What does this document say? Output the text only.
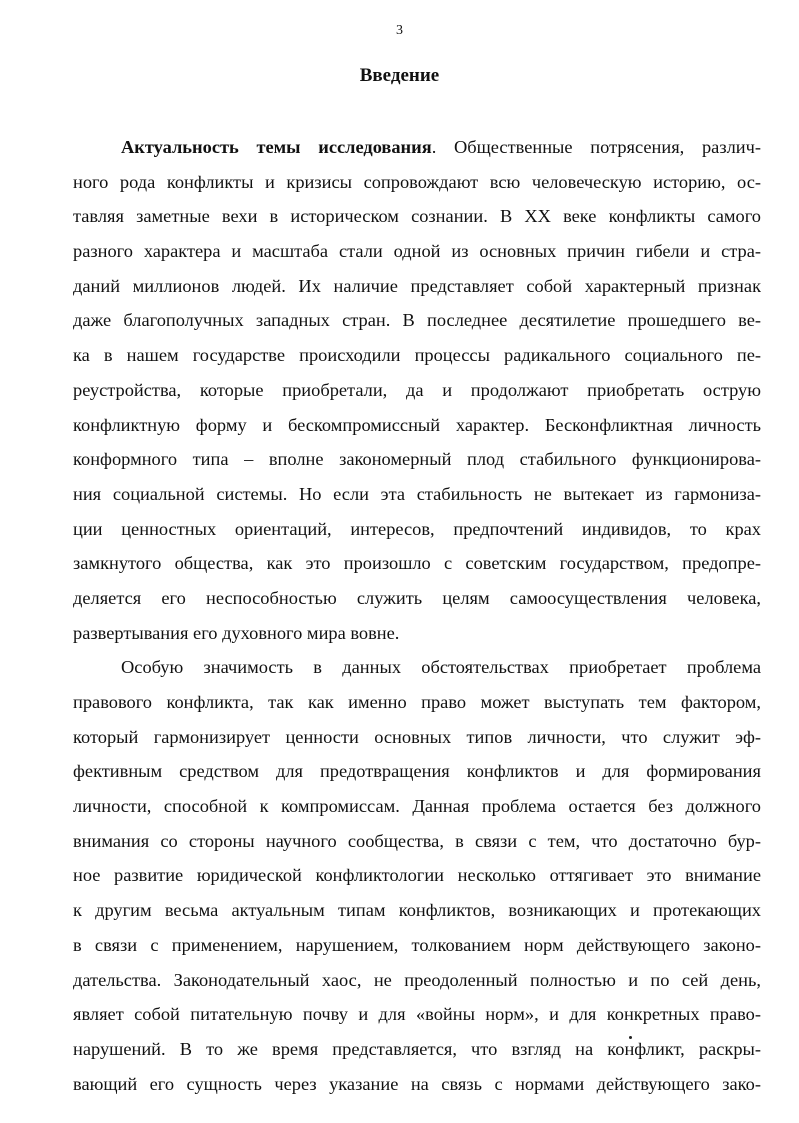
3
Введение
Актуальность темы исследования. Общественные потрясения, различ-
ного рода конфликты и кризисы сопровождают всю человеческую историю, ос-
тавляя заметные вехи в историческом сознании. В XX веке конфликты самого
разного характера и масштаба стали одной из основных причин гибели и стра-
даний миллионов людей. Их наличие представляет собой характерный признак
даже благополучных западных стран. В последнее десятилетие прошедшего ве-
ка в нашем государстве происходили процессы радикального социального пе-
реустройства, которые приобретали, да и продолжают приобретать острую
конфликтную форму и бескомпромиссный характер. Бесконфликтная личность
конформного типа – вполне закономерный плод стабильного функционирова-
ния социальной системы. Но если эта стабильность не вытекает из гармониза-
ции ценностных ориентаций, интересов, предпочтений индивидов, то крах
замкнутого общества, как это произошло с советским государством, предопре-
деляется его неспособностью служить целям самоосуществления человека,
развертывания его духовного мира вовне.
Особую значимость в данных обстоятельствах приобретает проблема
правового конфликта, так как именно право может выступать тем фактором,
который гармонизирует ценности основных типов личности, что служит эф-
фективным средством для предотвращения конфликтов и для формирования
личности, способной к компромиссам. Данная проблема остается без должного
внимания со стороны научного сообщества, в связи с тем, что достаточно бур-
ное развитие юридической конфликтологии несколько оттягивает это внимание
к другим весьма актуальным типам конфликтов, возникающих и протекающих
в связи с применением, нарушением, толкованием норм действующего законо-
дательства. Законодательный хаос, не преодоленный полностью и по сей день,
являет собой питательную почву и для «войны норм», и для конкретных право-
нарушений. В то же время представляется, что взгляд на конфликт, раскры-
вающий его сущность через указание на связь с нормами действующего зако-
